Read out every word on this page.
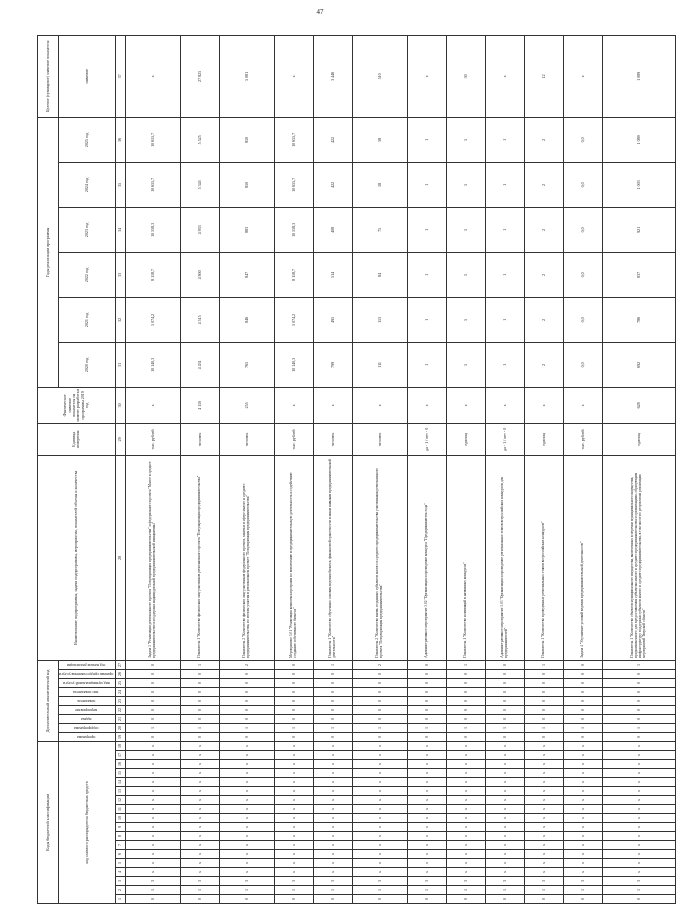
47
Коды бюджетной классификации																		Дополнительный аналитический код									Наименование подпрограммы, задачи подпрограммы, мероприятия, показателей объемы и количества	Единица измерения	Фактическое значение показателя на момент разработки программы 2019 год	Годы реализации программы						Целевое (суммарное) значение показателя
код главного распорядителя бюджетных средств																		программа	подпрограмма	задача	мероприятие	показатель	тип показателя	вид муниципальной услуги	признак предоставления услуги	год начала реализации				2020 год	2021 год	2022 год	2023 год	2024 год	2025 год	значение
1	2	3	4	5	6	7	8	9	10	11	12	13	14	15	16	17	18	19	20	21	22	23	24	25	26	27	28	29	30	31	32	33	34	35	36	37
0	1	3	x	x	x	x	x	x	x	x	x	x	x	x	x	x	x	0	1	0	0	0	0	0	0	0	Задача 3 "Реализация регионального проекта "Популяризация предпринимательства" и федерального проекта "Малое и среднее предпринимательство и поддержка индивидуальной предпринимательской инициативы"	тыс. рублей	x	10 140,3	5 074,2	8 118,7	10 558,3	10 655,7	10 655,7	x
0	1	3	x	x	x	x	x	x	x	x	x	x	x	x	x	x	x	0	1	0	0	0	0	0	0	1	Показатель 1 "Количество физических лиц-участников регионального проекта "Популяризация предпринимательства"	человек	4 110	4 431	4 515	4 800	4 933	5 345	5 525	27 825
0	1	3	x	x	x	x	x	x	x	x	x	x	x	x	x	x	x	0	1	0	0	0	0	0	0	2	Показатель 2 "Количество физических лиц-участников федерального проекта, занятых в сфере малого и среднего предпринимательства, по итогам участия в региональном проекте "Популяризация предпринимательства"	человек	255	765	846	847	883	850	850	5 081
0	1	3	x	x	x	x	x	x	x	x	x	x	x	x	x	x	x	0	1	0	0	0	0	0	0	0	Мероприятие 3.01 "Реализация комплекса программ по вовлечению в предпринимательскую деятельность и содействию созданию собственного бизнеса"	тыс. рублей	x	10 140,3	5 074,2	8 118,7	10 558,3	10 655,7	10 655,7	x
0	1	3	x	x	x	x	x	x	x	x	x	x	x	x	x	x	x	0	1	0	0	0	0	0	0	1	Показатель 1 "Количество обученных основам ведения бизнеса, финансовой грамотности и иным навыкам предпринимательской деятельности"	человек	x	799	495	514	408	422	422	3 446
0	1	3	x	x	x	x	x	x	x	x	x	x	x	x	x	x	x	0	1	0	0	0	0	0	0	2	Показатель 2 "Количество вновь созданных субъектов малого и среднего предпринимательства участниками регионального проекта "Популяризация предпринимательства"	человек	x	111	113	84	75	58	58	510
0	1	3	x	x	x	x	x	x	x	x	x	x	x	x	x	x	x	0	1	0	0	0	0	0	0	0	Административное мероприятие 3.02 "Организация и проведение конкурса "Предприниматель года"	да - 1 / нет - 0	x	1	1	1	1	1	1	x
0	1	3	x	x	x	x	x	x	x	x	x	x	x	x	x	x	x	0	1	0	0	0	0	0	0	1	Показатель 1 "Количество номинаций в названных конкурсах"	единиц	x	5	5	5	5	5	5	30
0	1	3	x	x	x	x	x	x	x	x	x	x	x	x	x	x	x	0	1	0	0	0	0	0	0	0	Административное мероприятие 3.03 "Организация и проведение региональных этапов всероссийских конкурсов для предпринимателей"	да - 1 / нет - 0	x	1	1	1	1	1	1	x
0	1	3	x	x	x	x	x	x	x	x	x	x	x	x	x	x	x	0	1	0	0	0	0	0	0	1	Показатель 1 "Количество проведенных региональных этапов всероссийских конкурсов"	единиц	x	2	2	2	2	2	2	12
0	1	3	x	x	x	x	x	x	x	x	x	x	x	x	x	x	x	0	1	0	0	0	0	0	0	0	Задача 4 "Улучшение условий ведения предпринимательской деятельности"	тыс. рублей	x	0,0	0,0	0,0	0,0	0,0	0,0	x
0	1	3	x	x	x	x	x	x	x	x	x	x	x	x	x	x	x	0	1	0	0	0	0	0	0	1	Показатель 1 "Количество объектов муниципального имущества, включенных в перечни муниципального имущества, предназначенного для предоставления субъектам малого и среднего предпринимательства и организациям, образующим инфраструктуру поддержки субъектов малого и среднего предпринимательства, в том числе по результатам реализации мероприятий Тверской области"	единиц	628	692	786	837	921	1 003	1 089	1 089
